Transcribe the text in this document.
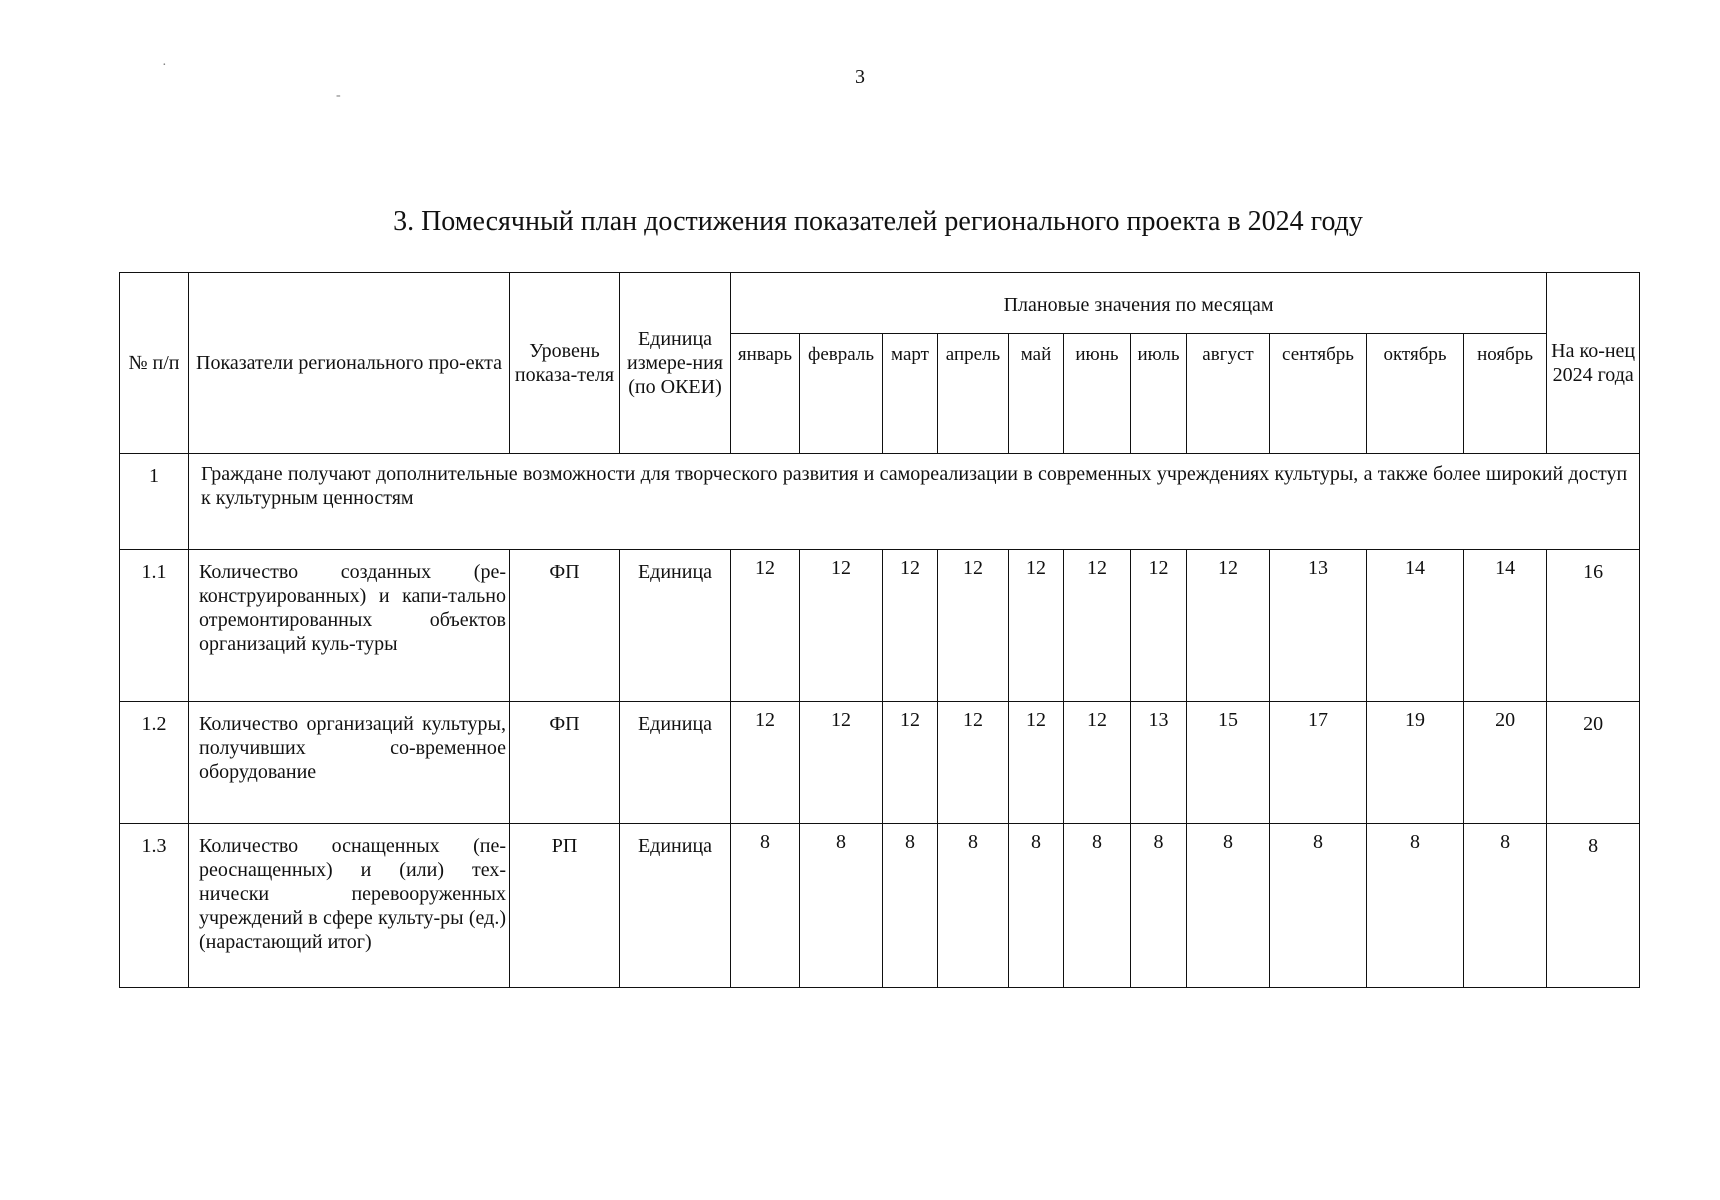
·
-
3
3. Помесячный план достижения показателей регионального проекта в 2024 году
№ п/п	Показатели регионального про-екта	Уровень показа-теля	Единица измере-ния (по ОКЕИ)	Плановые значения по месяцам											На ко-нец 2024 года
				январь	февраль	март	апрель	май	июнь	июль	август	сентябрь	октябрь	ноябрь	
1	Граждане получают дополнительные возможности для творческого развития и самореализации в современных учреждениях культуры, а также более широкий доступ к культурным ценностям														
1.1	Количество созданных (ре-конструированных) и капи-тально отремонтированных объектов организаций куль-туры	ФП	Единица	12	12	12	12	12	12	12	12	13	14	14	16
1.2	Количество организаций культуры, получивших со-временное оборудование	ФП	Единица	12	12	12	12	12	12	13	15	17	19	20	20
1.3	Количество оснащенных (пе-реоснащенных) и (или) тех-нически перевооруженных учреждений в сфере культу-ры (ед.) (нарастающий итог)	РП	Единица	8	8	8	8	8	8	8	8	8	8	8	8
